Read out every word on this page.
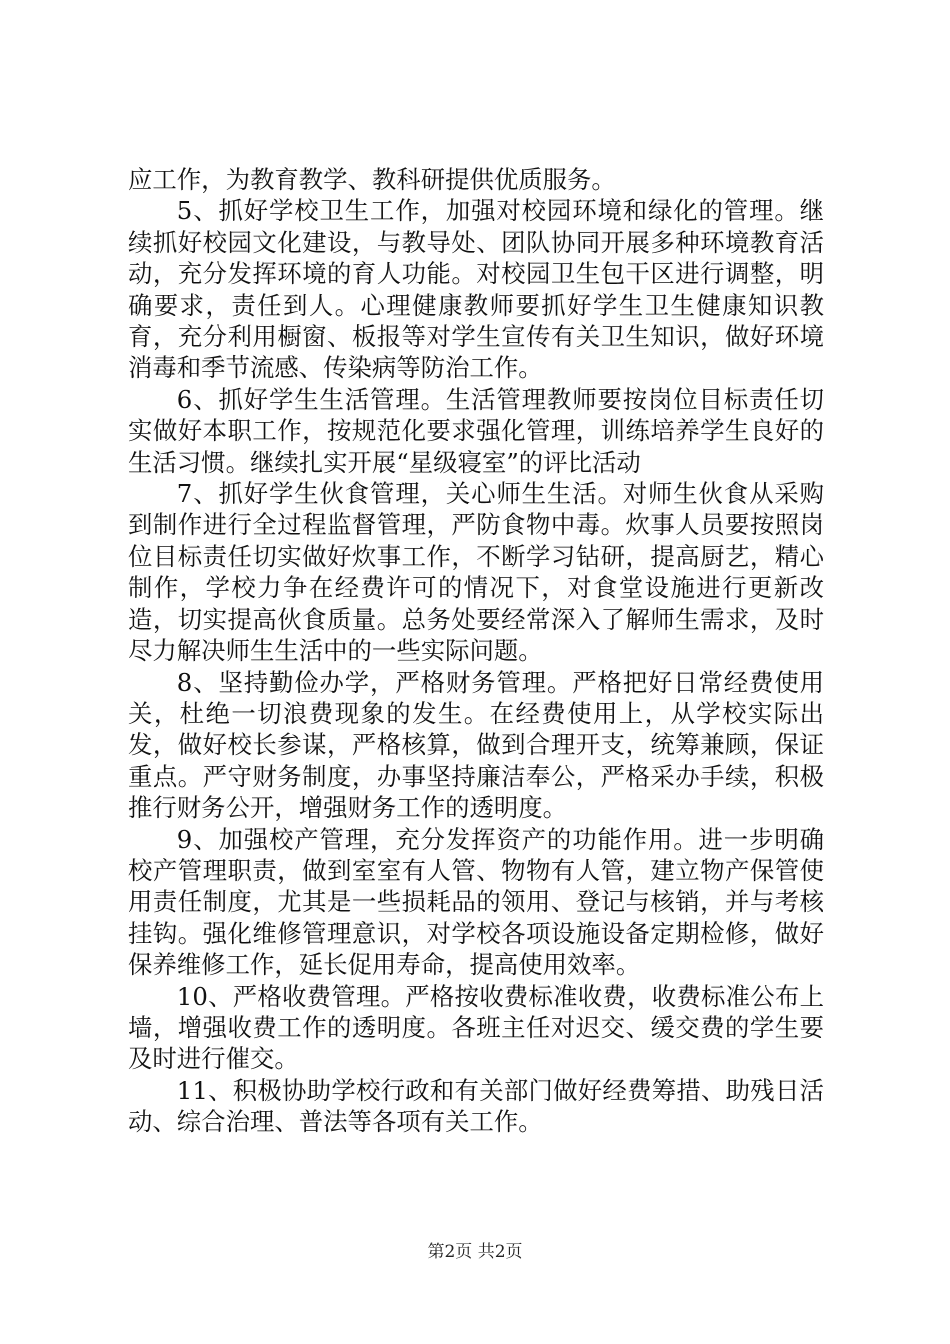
应工作，为教育教学、教科研提供优质服务。

5、抓好学校卫生工作，加强对校园环境和绿化的管理。继续抓好校园文化建设，与教导处、团队协同开展多种环境教育活动，充分发挥环境的育人功能。对校园卫生包干区进行调整，明确要求，责任到人。心理健康教师要抓好学生卫生健康知识教育，充分利用橱窗、板报等对学生宣传有关卫生知识，做好环境消毒和季节流感、传染病等防治工作。

6、抓好学生生活管理。生活管理教师要按岗位目标责任切实做好本职工作，按规范化要求强化管理，训练培养学生良好的生活习惯。继续扎实开展“星级寝室”的评比活动

7、抓好学生伙食管理，关心师生生活。对师生伙食从采购到制作进行全过程监督管理，严防食物中毒。炊事人员要按照岗位目标责任切实做好炊事工作，不断学习钻研，提高厨艺，精心制作，学校力争在经费许可的情况下，对食堂设施进行更新改造，切实提高伙食质量。总务处要经常深入了解师生需求，及时尽力解决师生生活中的一些实际问题。

8、坚持勤俭办学，严格财务管理。严格把好日常经费使用关，杜绝一切浪费现象的发生。在经费使用上，从学校实际出发，做好校长参谋，严格核算，做到合理开支，统筹兼顾，保证重点。严守财务制度，办事坚持廉洁奉公，严格采办手续，积极推行财务公开，增强财务工作的透明度。

9、加强校产管理，充分发挥资产的功能作用。进一步明确校产管理职责，做到室室有人管、物物有人管，建立物产保管使用责任制度，尤其是一些损耗品的领用、登记与核销，并与考核挂钩。强化维修管理意识，对学校各项设施设备定期检修，做好保养维修工作，延长促用寿命，提高使用效率。

10、严格收费管理。严格按收费标准收费，收费标准公布上墙，增强收费工作的透明度。各班主任对迟交、缓交费的学生要及时进行催交。

11、积极协助学校行政和有关部门做好经费筹措、助残日活动、综合治理、普法等各项有关工作。

第2页 共2页
